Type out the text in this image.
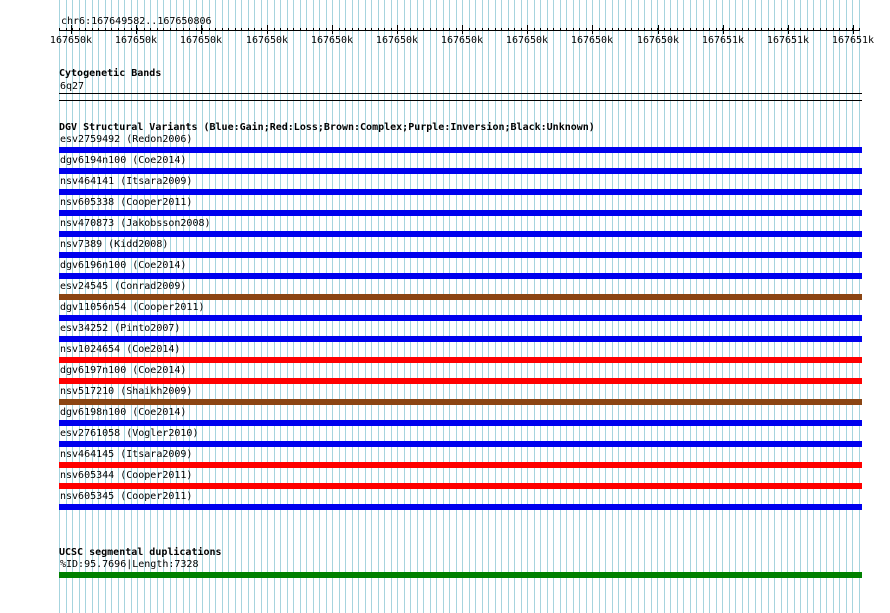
chr6:167649582..167650806
167650k	167650k	167650k	167650k	167650k	167650k	167650k	167650k	167650k	167650k	167651k	167651k	167651k
Cytogenetic Bands
6q27
DGV Structural Variants (Blue:Gain;Red:Loss;Brown:Complex;Purple:Inversion;Black:Unknown)
esv2759492 (Redon2006)
dgv6194n100 (Coe2014)
nsv464141 (Itsara2009)
nsv605338 (Cooper2011)
nsv470873 (Jakobsson2008)
nsv7389 (Kidd2008)
dgv6196n100 (Coe2014)
esv24545 (Conrad2009)
dgv11056n54 (Cooper2011)
esv34252 (Pinto2007)
nsv1024654 (Coe2014)
dgv6197n100 (Coe2014)
nsv517210 (Shaikh2009)
dgv6198n100 (Coe2014)
esv2761058 (Vogler2010)
nsv464145 (Itsara2009)
nsv605344 (Cooper2011)
nsv605345 (Cooper2011)
UCSC segmental duplications
%ID:95.7696|Length:7328
